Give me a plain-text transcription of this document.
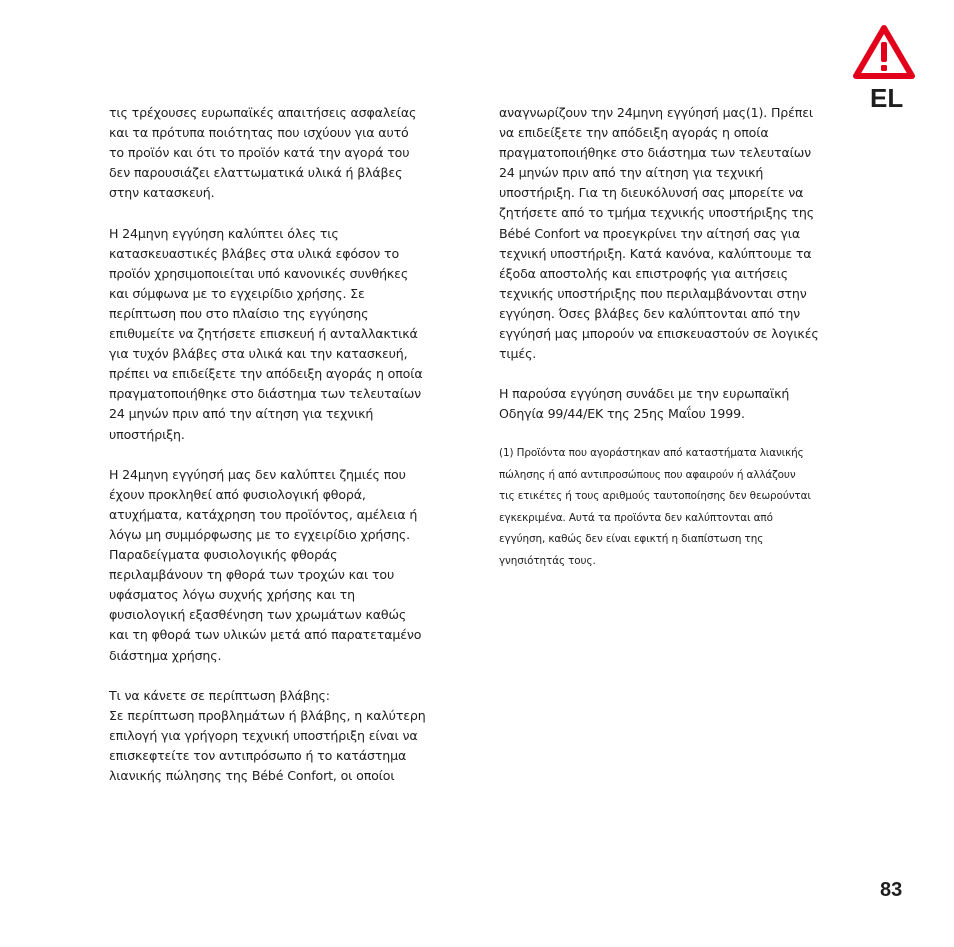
EL
τις τρέχουσες ευρωπαϊκές απαιτήσεις ασφαλείας
και τα πρότυπα ποιότητας που ισχύουν για αυτό
το προϊόν και ότι το προϊόν κατά την αγορά του
δεν παρουσιάζει ελαττωματικά υλικά ή βλάβες
στην κατασκευή.
Η 24μηνη εγγύηση καλύπτει όλες τις
κατασκευαστικές βλάβες στα υλικά εφόσον το
προϊόν χρησιμοποιείται υπό κανονικές συνθήκες
και σύμφωνα με το εγχειρίδιο χρήσης. Σε
περίπτωση που στο πλαίσιο της εγγύησης
επιθυμείτε να ζητήσετε επισκευή ή ανταλλακτικά
για τυχόν βλάβες στα υλικά και την κατασκευή,
πρέπει να επιδείξετε την απόδειξη αγοράς η οποία
πραγματοποιήθηκε στο διάστημα των τελευταίων
24 μηνών πριν από την αίτηση για τεχνική
υποστήριξη.
Η 24μηνη εγγύησή μας δεν καλύπτει ζημιές που
έχουν προκληθεί από φυσιολογική φθορά,
ατυχήματα, κατάχρηση του προϊόντος, αμέλεια ή
λόγω μη συμμόρφωσης με το εγχειρίδιο χρήσης.
Παραδείγματα φυσιολογικής φθοράς
περιλαμβάνουν τη φθορά των τροχών και του
υφάσματος λόγω συχνής χρήσης και τη
φυσιολογική εξασθένηση των χρωμάτων καθώς
και τη φθορά των υλικών μετά από παρατεταμένο
διάστημα χρήσης.
Τι να κάνετε σε περίπτωση βλάβης:
Σε περίπτωση προβλημάτων ή βλάβης, η καλύτερη
επιλογή για γρήγορη τεχνική υποστήριξη είναι να
επισκεφτείτε τον αντιπρόσωπο ή το κατάστημα
λιανικής πώλησης της Bébé Confort, οι οποίοι
αναγνωρίζουν την 24μηνη εγγύησή μας(1). Πρέπει
να επιδείξετε την απόδειξη αγοράς η οποία
πραγματοποιήθηκε στο διάστημα των τελευταίων
24 μηνών πριν από την αίτηση για τεχνική
υποστήριξη. Για τη διευκόλυνσή σας μπορείτε να
ζητήσετε από το τμήμα τεχνικής υποστήριξης της
Bébé Confort να προεγκρίνει την αίτησή σας για
τεχνική υποστήριξη. Κατά κανόνα, καλύπτουμε τα
έξοδα αποστολής και επιστροφής για αιτήσεις
τεχνικής υποστήριξης που περιλαμβάνονται στην
εγγύηση. Όσες βλάβες δεν καλύπτονται από την
εγγύησή μας μπορούν να επισκευαστούν σε λογικές
τιμές.
Η παρούσα εγγύηση συνάδει με την ευρωπαϊκή
Οδηγία 99/44/ΕΚ της 25ης Μαΐου 1999.
(1) Προϊόντα που αγοράστηκαν από καταστήματα λιανικής
πώλησης ή από αντιπροσώπους που αφαιρούν ή αλλάζουν
τις ετικέτες ή τους αριθμούς ταυτοποίησης δεν θεωρούνται
εγκεκριμένα. Αυτά τα προϊόντα δεν καλύπτονται από
εγγύηση, καθώς δεν είναι εφικτή η διαπίστωση της
γνησιότητάς τους.
83
